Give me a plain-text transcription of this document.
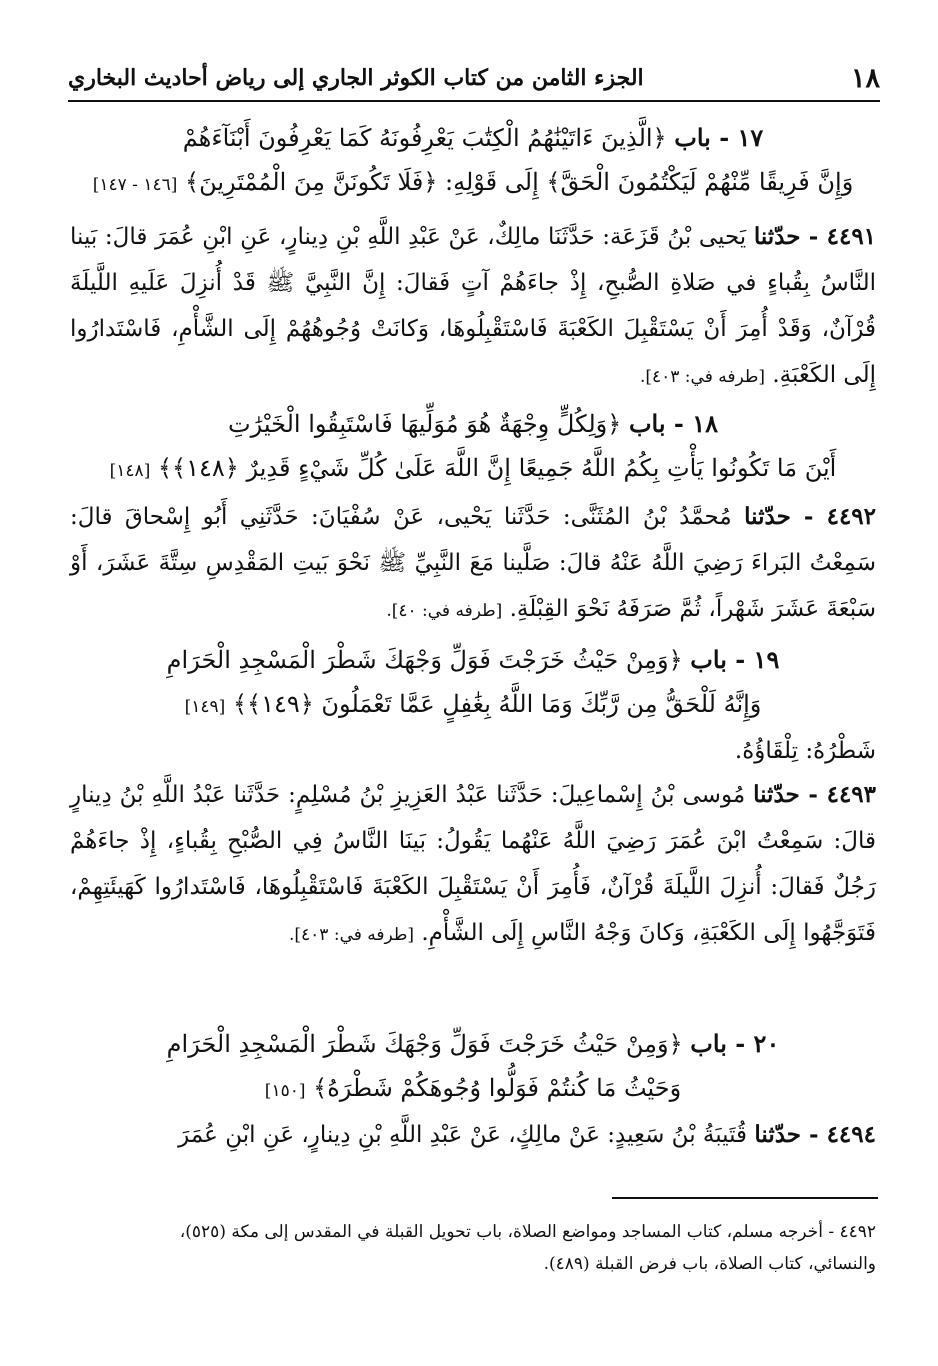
١٨
الجزء الثامن من كتاب الكوثر الجاري إلى رياض أحاديث البخاري
١٧ - باب ﴿الَّذِينَ ءَاتَيْنَٰهُمُ الْكِتَٰبَ يَعْرِفُونَهُ كَمَا يَعْرِفُونَ أَبْنَآءَهُمْ
وَإِنَّ فَرِيقًا مِّنْهُمْ لَيَكْتُمُونَ الْحَقَّ﴾ إِلَى قَوْلِهِ: ﴿فَلَا تَكُونَنَّ مِنَ الْمُمْتَرِينَ﴾ [١٤٦ - ١٤٧]

٤٤٩١ - حدّثنا يَحيى بْنُ قَزَعَة: حَدَّثَنَا مالِكٌ، عَنْ عَبْدِ اللَّهِ بْنِ دِينارٍ، عَنِ ابْنِ عُمَرَ قالَ: بَينا النَّاسُ بِقُباءٍ في صَلاةِ الصُّبحِ، إِذْ جاءَهُمْ آتٍ فَقالَ: إِنَّ النَّبِيَّ ﷺ قَدْ أُنزِلَ عَلَيهِ اللَّيلَةَ قُرْآنٌ، وَقَدْ أُمِرَ أَنْ يَسْتَقْبِلَ الكَعْبَةَ فَاسْتَقْبِلُوهَا، وَكانَتْ وُجُوهُهُمْ إِلَى الشَّأْمِ، فَاسْتَدارُوا إِلَى الكَعْبَةِ. [طرفه في: ٤٠٣].

١٨ - باب ﴿وَلِكُلٍّ وِجْهَةٌ هُوَ مُوَلِّيهَا فَاسْتَبِقُوا الْخَيْرَٰتِ
أَيْنَ مَا تَكُونُوا يَأْتِ بِكُمُ اللَّهُ جَمِيعًا إِنَّ اللَّهَ عَلَىٰ كُلِّ شَيْءٍ قَدِيرٌ ﴿١٤٨﴾﴾ [١٤٨]

٤٤٩٢ - حدّثنا مُحمَّدُ بْنُ المُثَنَّى: حَدَّثَنا يَحْيى، عَنْ سُفْيَانَ: حَدَّثَنِي أَبُو إِسْحاقَ قالَ: سَمِعْتُ البَراءَ رَضِيَ اللَّهُ عَنْهُ قالَ: صَلَّينا مَعَ النَّبِيِّ ﷺ نَحْوَ بَيتِ المَقْدِسِ سِتَّةَ عَشَرَ، أَوْ سَبْعَةَ عَشَرَ شَهْراً، ثُمَّ صَرَفَهُ نَحْوَ القِبْلَةِ. [طرفه في: ٤٠].

١٩ - باب ﴿وَمِنْ حَيْثُ خَرَجْتَ فَوَلِّ وَجْهَكَ شَطْرَ الْمَسْجِدِ الْحَرَامِ
وَإِنَّهُ لَلْحَقُّ مِن رَّبِّكَ وَمَا اللَّهُ بِغَٰفِلٍ عَمَّا تَعْمَلُونَ ﴿١٤٩﴾﴾ [١٤٩]

شَطْرُهُ: تِلْقَاؤُهُ.

٤٤٩٣ - حدّثنا مُوسى بْنُ إِسْماعِيلَ: حَدَّثَنا عَبْدُ العَزِيزِ بْنُ مُسْلِمٍ: حَدَّثَنا عَبْدُ اللَّهِ بْنُ دِينارٍ قالَ: سَمِعْتُ ابْنَ عُمَرَ رَضِيَ اللَّهُ عَنْهُما يَقُولُ: بَينَا النَّاسُ فِي الصُّبْحِ بِقُباءٍ، إِذْ جاءَهُمْ رَجُلٌ فَقالَ: أُنزِلَ اللَّيلَةَ قُرْآنٌ، فَأُمِرَ أَنْ يَسْتَقْبِلَ الكَعْبَةَ فَاسْتَقْبِلُوهَا، فَاسْتَدارُوا كَهَيئَتِهِمْ، فَتَوَجَّهُوا إِلَى الكَعْبَةِ، وَكانَ وَجْهُ النَّاسِ إِلَى الشَّأْمِ. [طرفه في: ٤٠٣].

٢٠ - باب ﴿وَمِنْ حَيْثُ خَرَجْتَ فَوَلِّ وَجْهَكَ شَطْرَ الْمَسْجِدِ الْحَرَامِ
وَحَيْثُ مَا كُنتُمْ فَوَلُّوا وُجُوهَكُمْ شَطْرَهُ﴾ [١٥٠]

٤٤٩٤ - حدّثنا قُتَيبَةُ بْنُ سَعِيدٍ: عَنْ مالِكٍ، عَنْ عَبْدِ اللَّهِ بْنِ دِينارٍ، عَنِ ابْنِ عُمَرَ

٤٤٩٢ - أخرجه مسلم، كتاب المساجد ومواضع الصلاة، باب تحويل القبلة في المقدس إلى مكة (٥٢٥)،
والنسائي، كتاب الصلاة، باب فرض القبلة (٤٨٩).
